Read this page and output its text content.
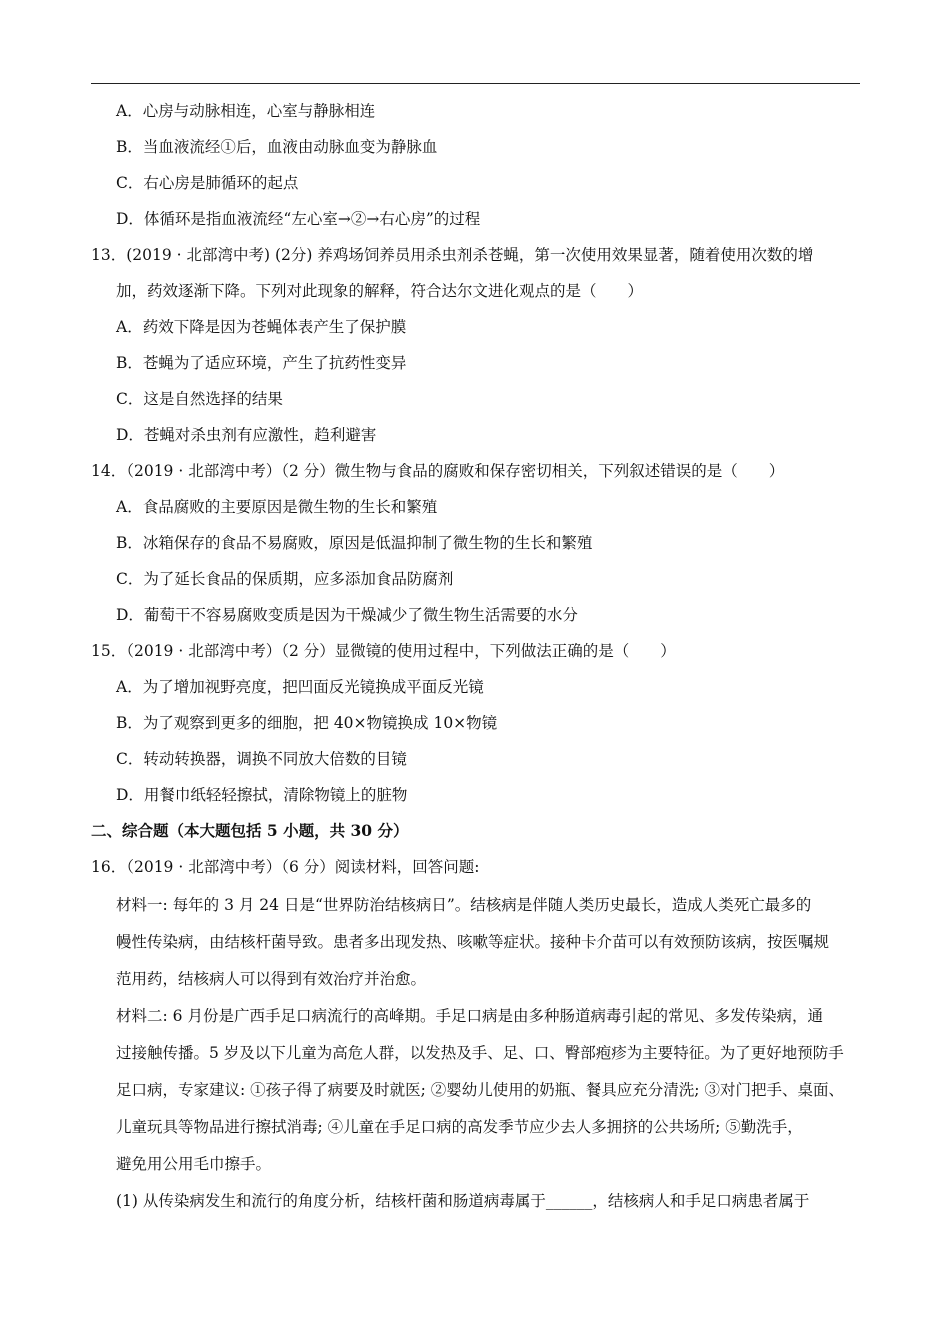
A．心房与动脉相连，心室与静脉相连
B．当血液流经①后，血液由动脉血变为静脉血
C．右心房是肺循环的起点
D．体循环是指血液流经“左心室→②→右心房”的过程
13．(2019 · 北部湾中考) (2分) 养鸡场饲养员用杀虫剂杀苍蝇，第一次使用效果显著，随着使用次数的增
加，药效逐渐下降。下列对此现象的解释，符合达尔文进化观点的是（　　）
A．药效下降是因为苍蝇体表产生了保护膜
B．苍蝇为了适应环境，产生了抗药性变异
C．这是自然选择的结果
D．苍蝇对杀虫剂有应激性，趋利避害
14．（2019 · 北部湾中考）（2 分）微生物与食品的腐败和保存密切相关，下列叙述错误的是（　　）
A．食品腐败的主要原因是微生物的生长和繁殖
B．冰箱保存的食品不易腐败，原因是低温抑制了微生物的生长和繁殖
C．为了延长食品的保质期，应多添加食品防腐剂
D．葡萄干不容易腐败变质是因为干燥减少了微生物生活需要的水分
15．（2019 · 北部湾中考）（2 分）显微镜的使用过程中，下列做法正确的是（　　）
A．为了增加视野亮度，把凹面反光镜换成平面反光镜
B．为了观察到更多的细胞，把 40×物镜换成 10×物镜
C．转动转换器，调换不同放大倍数的目镜
D．用餐巾纸轻轻擦拭，清除物镜上的脏物
二、综合题（本大题包括 5 小题，共 30 分）
16．（2019 · 北部湾中考）（6 分）阅读材料，回答问题:
材料一: 每年的 3 月 24 日是“世界防治结核病日”。结核病是伴随人类历史最长，造成人类死亡最多的
幔性传染病，由结核杆菌导致。患者多出现发热、咳嗽等症状。接种卡介苗可以有效预防该病，按医嘱规
范用药，结核病人可以得到有效治疗并治愈。
材料二: 6 月份是广西手足口病流行的高峰期。手足口病是由多种肠道病毒引起的常见、多发传染病，通
过接触传播。5 岁及以下儿童为高危人群，以发热及手、足、口、臀部疱疹为主要特征。为了更好地预防手
足口病，专家建议: ①孩子得了病要及时就医; ②婴幼儿使用的奶瓶、餐具应充分清洗; ③对门把手、桌面、
儿童玩具等物品进行擦拭消毒; ④儿童在手足口病的高发季节应少去人多拥挤的公共场所; ⑤勤洗手，
避免用公用毛巾擦手。
(1) 从传染病发生和流行的角度分析，结核杆菌和肠道病毒属于______，结核病人和手足口病患者属于
